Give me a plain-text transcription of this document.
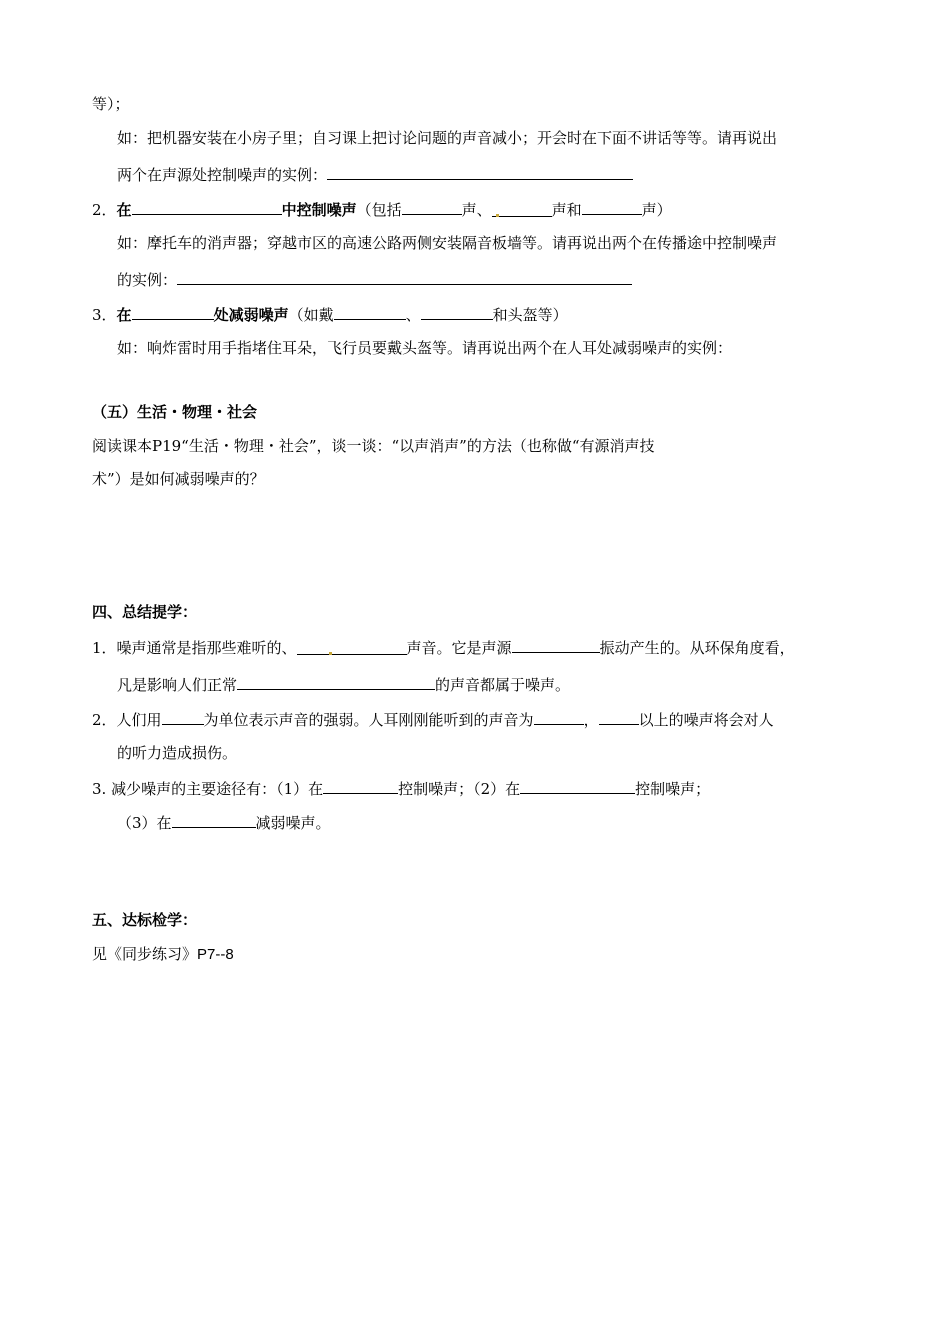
等）；
如：把机器安装在小房子里；自习课上把讨论问题的声音减小；开会时在下面不讲话等等。请再说出
两个在声源处控制噪声的实例：
2．在	中控制噪声（包括	声、	声和	声）
如：摩托车的消声器；穿越市区的高速公路两侧安装隔音板墙等。请再说出两个在传播途中控制噪声
的实例：
3．在	处减弱噪声（如戴	、	和头盔等）
如：响炸雷时用手指堵住耳朵，飞行员要戴头盔等。请再说出两个在人耳处减弱噪声的实例：
（五）生活・物理・社会
阅读课本P19“生活・物理・社会”，谈一谈：“以声消声”的方法（也称做“有源消声技
术”）是如何减弱噪声的？
四、总结提学：
1．噪声通常是指那些难听的、	声音。它是声源	振动产生的。从环保角度看，
凡是影响人们正常	的声音都属于噪声。
2．人们用	为单位表示声音的强弱。人耳刚刚能听到的声音为	，	以上的噪声将会对人
的听力造成损伤。
3. 减少噪声的主要途径有：（1）在	控制噪声；（2）在	控制噪声；
（3）在	减弱噪声。
五、达标检学：
见《同步练习》P7--8
